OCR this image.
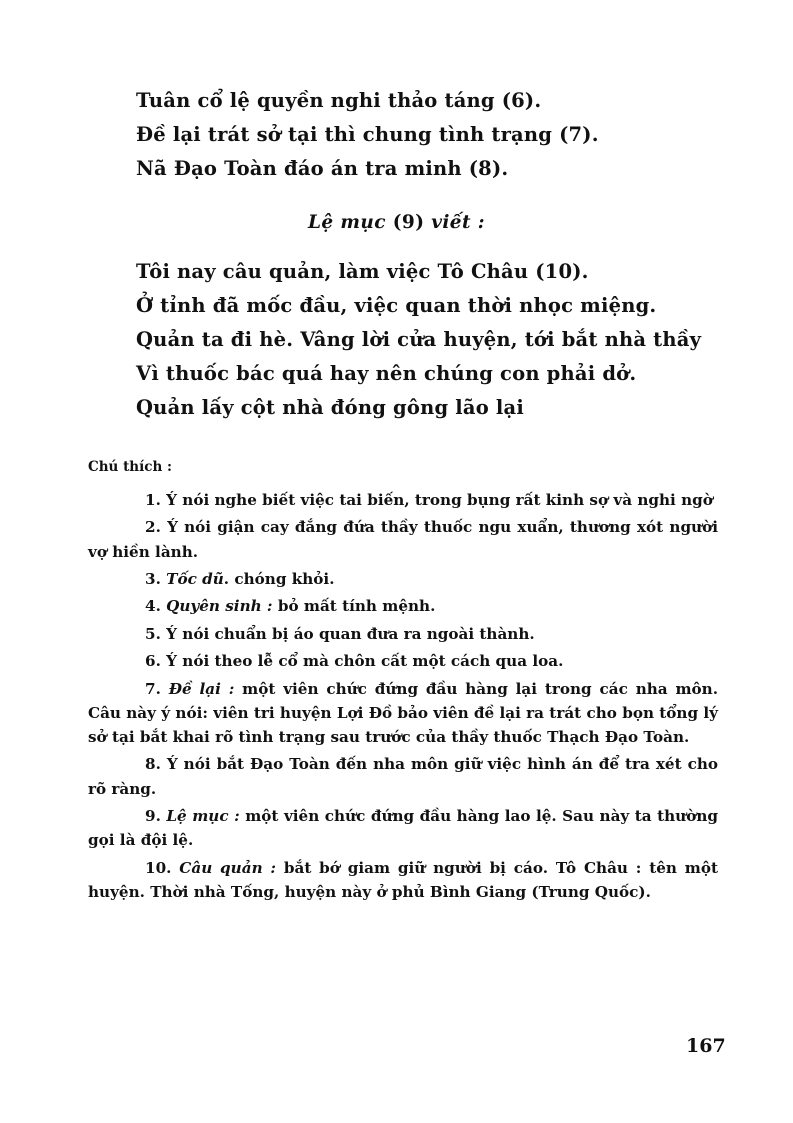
Tuân cổ lệ quyền nghi thảo táng (6).
Đề lại trát sở tại thì chung tình trạng (7).
Nã Đạo Toàn đáo án tra minh (8).
Lệ mục (9) viết :
Tôi nay câu quản, làm việc Tô Châu (10).
Ở tỉnh đã mốc đầu, việc quan thời nhọc miệng.
Quản ta đi hè. Vâng lời cửa huyện, tới bắt nhà thầy
Vì thuốc bác quá hay nên chúng con phải dở.
Quản lấy cột nhà đóng gông lão lại
Chú thích :

1. Ý nói nghe biết việc tai biến, trong bụng rất kinh sợ và nghi ngờ

2. Ý nói giận cay đắng đứa thầy thuốc ngu xuẩn, thương xót người vợ hiền lành.

3. Tốc dũ. chóng khỏi.

4. Quyên sinh : bỏ mất tính mệnh.

5. Ý nói chuẩn bị áo quan đưa ra ngoài thành.

6. Ý nói theo lễ cổ mà chôn cất một cách qua loa.

7. Đề lại : một viên chức đứng đầu hàng lại trong các nha môn. Câu này ý nói: viên tri huyện Lợi Đồ bảo viên đề lại ra trát cho bọn tổng lý sở tại bắt khai rõ tình trạng sau trước của thầy thuốc Thạch Đạo Toàn.

8. Ý nói bắt Đạo Toàn đến nha môn giữ việc hình án để tra xét cho rõ ràng.

9. Lệ mục : một viên chức đứng đầu hàng lao lệ. Sau này ta thường gọi là đội lệ.

10. Câu quản : bắt bớ giam giữ người bị cáo. Tô Châu : tên một huyện. Thời nhà Tống, huyện này ở phủ Bình Giang (Trung Quốc).

167
